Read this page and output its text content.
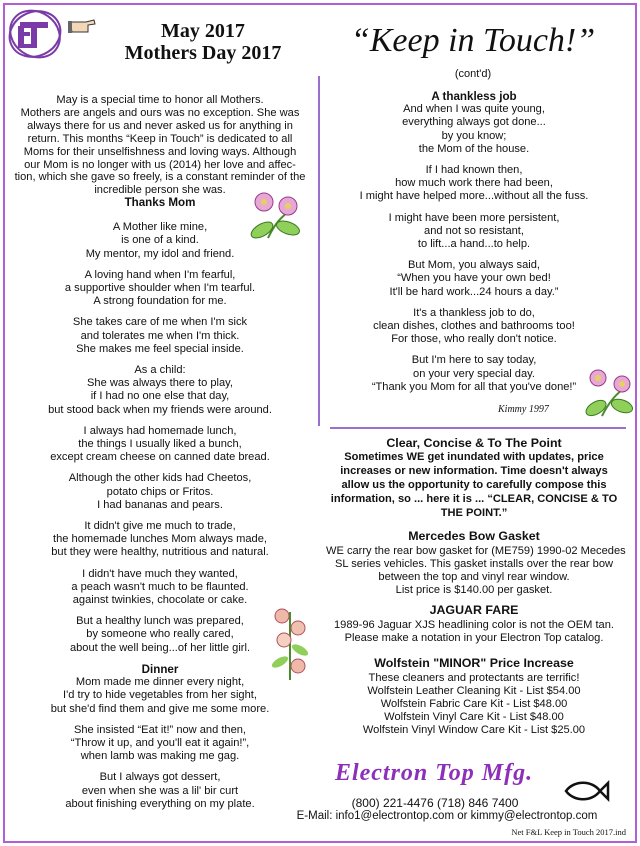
May 2017
Mothers Day 2017	“Keep in Touch!”
(cont'd)
May is a special time to honor all Mothers.
Mothers are angels and ours was no exception. She was
always there for us and never asked us for anything in
return. This months “Keep in Touch” is dedicated to all
Moms for their unselfishness and loving ways. Although
our Mom is no longer with us (2014) her love and affec-
tion, which she gave so freely, is a constant reminder of the
incredible person she was.
Thanks Mom

A Mother like mine,
is one of a kind.
My mentor, my idol and friend.

A loving hand when I'm fearful,
a supportive shoulder when I'm tearful.
A strong foundation for me.

She takes care of me when I'm sick
and tolerates me when I'm thick.
She makes me feel special inside.

As a child:
She was always there to play,
if I had no one else that day,
but stood back when my friends were around.

I always had homemade lunch,
the things I usually liked a bunch,
except cream cheese on canned date bread.

Although the other kids had Cheetos,
potato chips or Fritos.
I had bananas and pears.

It didn't give me much to trade,
the homemade lunches Mom always made,
but they were healthy, nutritious and natural.

I didn't have much they wanted,
a peach wasn't much to be flaunted.
against twinkies, chocolate or cake.

But a healthy lunch was prepared,
by someone who really cared,
about the well being...of her little girl.

Dinner

Mom made me dinner every night,
I'd try to hide vegetables from her sight,
but she'd find them and give me some more.

She insisted “Eat it!” now and then,
“Throw it up, and you'll eat it again!”,
when lamb was making me gag.

But I always got dessert,
even when she was a lil' bir curt
about finishing everything on my plate.

A thankless job

And when I was quite young,
everything always got done...
by you know;
the Mom of the house.

If I had known then,
how much work there had been,
I might have helped more...without all the fuss.

I might have been more persistent,
and not so resistant,
to lift...a hand...to help.

But Mom, you always said,
“When you have your own bed!
It'll be hard work...24 hours a day.”

It's a thankless job to do,
clean dishes, clothes and bathrooms too!
For those, who really don't notice.

But I'm here to say today,
on your very special day.
“Thank you Mom for all that you've done!”

Kimmy 1997
Clear, Concise & To The Point
Sometimes WE get inundated with updates, price
increases or new information. Time doesn't always
allow us the opportunity to carefully compose this
information, so ... here it is ... “CLEAR, CONCISE & TO
THE POINT.”
Mercedes Bow Gasket
WE carry the rear bow gasket for (ME759) 1990-02 Mecedes
SL series vehicles. This gasket installs over the rear bow
between the top and vinyl rear window.
List price is $140.00 per gasket.
JAGUAR FARE
1989-96 Jaguar XJS headlining color is not the OEM tan.
Please make a notation in your Electron Top catalog.
Wolfstein "MINOR" Price Increase
These cleaners and protectants are terrific!
Wolfstein Leather Cleaning Kit - List $54.00
Wolfstein Fabric Care Kit - List $48.00
Wolfstein Vinyl Care Kit - List $48.00
Wolfstein Vinyl Window Care Kit - List $25.00
Electron Top Mfg.
(800) 221-4476 (718) 846 7400
E-Mail: info1@electrontop.com or kimmy@electrontop.com
Net F&L Keep in Touch 2017.ind
